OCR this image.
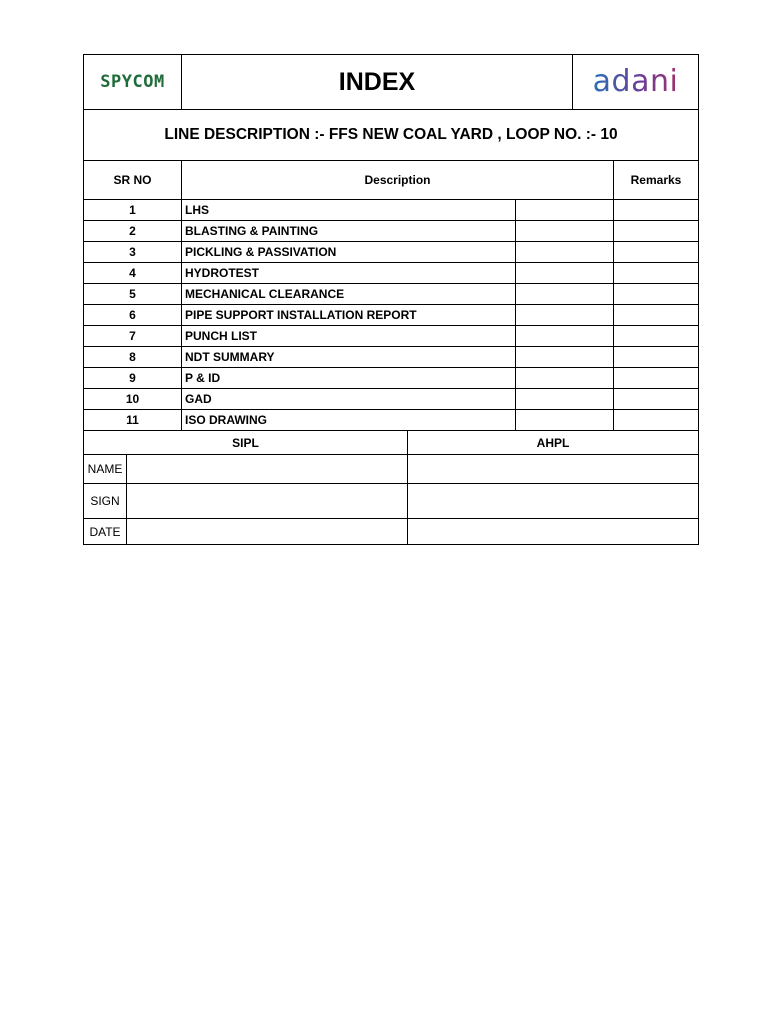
SPYCOM	INDEX	adani
LINE DESCRIPTION :- FFS NEW COAL YARD , LOOP NO. :- 10
SR NO	Description	Remarks
1	LHS
2	BLASTING & PAINTING
3	PICKLING & PASSIVATION
4	HYDROTEST
5	MECHANICAL CLEARANCE
6	PIPE SUPPORT INSTALLATION REPORT
7	PUNCH LIST
8	NDT SUMMARY
9	P & ID
10	GAD
11	ISO DRAWING
SIPL	AHPL
NAME
SIGN
DATE
